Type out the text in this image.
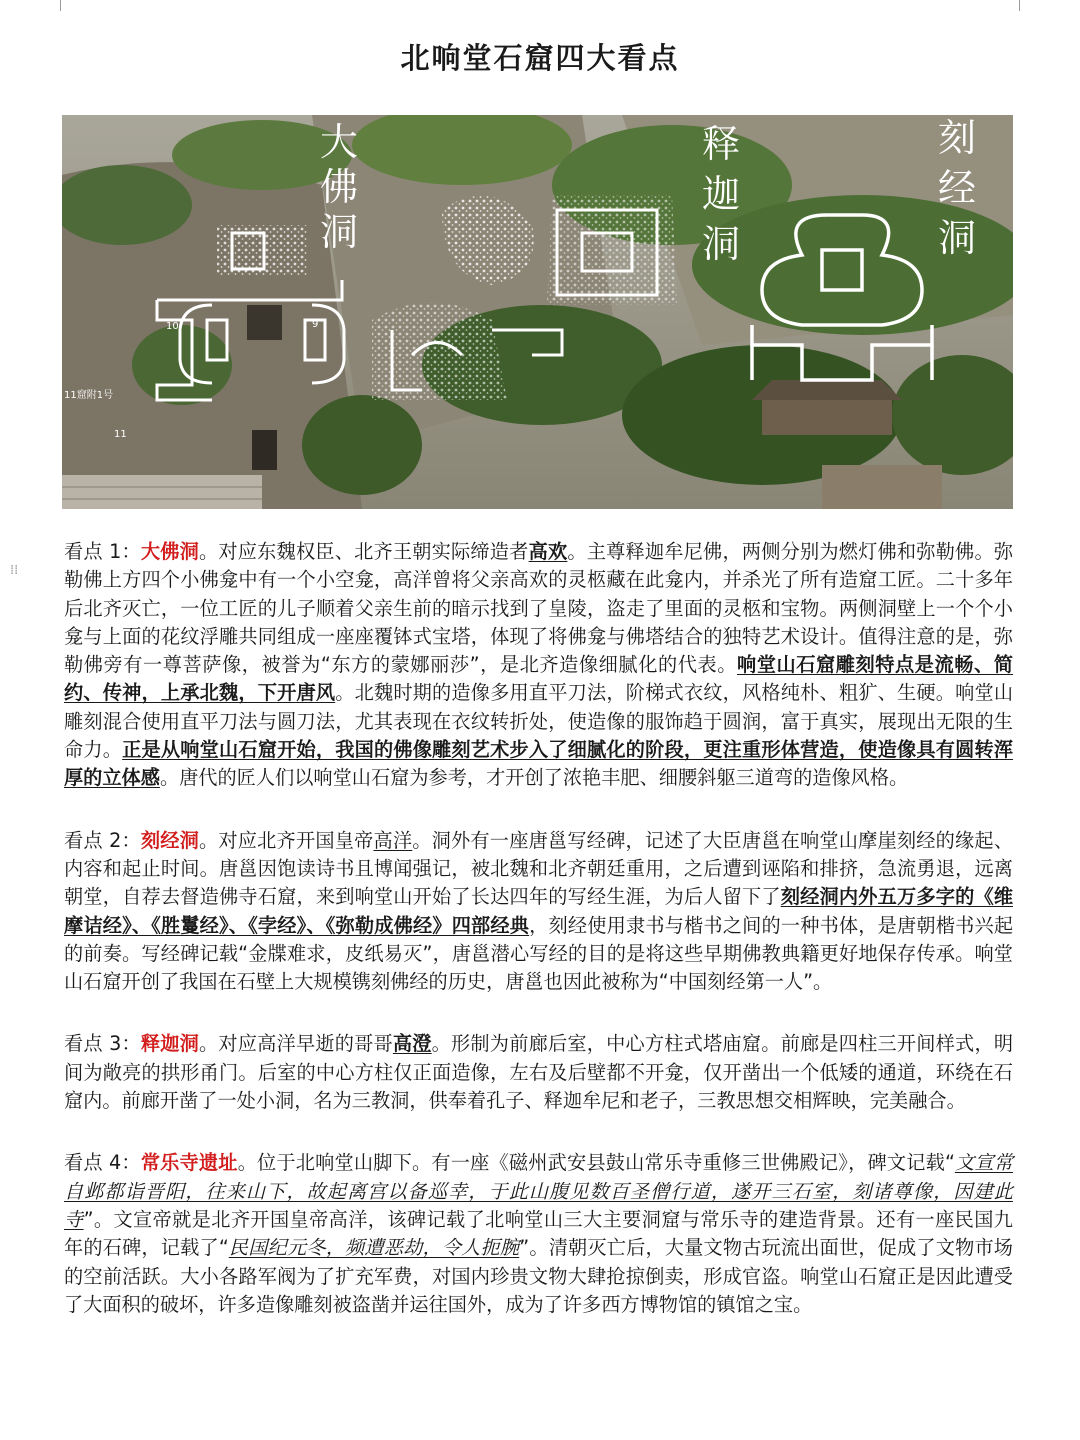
⁞⁞
北响堂石窟四大看点
大
佛
洞
释
迦
洞
刻
经
洞
10	9
11
11窟附1号

看点 1：大佛洞。对应东魏权臣、北齐王朝实际缔造者高欢。主尊释迦牟尼佛，两侧分别为燃灯佛和弥勒佛。弥勒佛上方四个小佛龛中有一个小空龛，高洋曾将父亲高欢的灵柩藏在此龛内，并杀光了所有造窟工匠。二十多年后北齐灭亡，一位工匠的儿子顺着父亲生前的暗示找到了皇陵，盗走了里面的灵柩和宝物。两侧洞壁上一个个小龛与上面的花纹浮雕共同组成一座座覆钵式宝塔，体现了将佛龛与佛塔结合的独特艺术设计。值得注意的是，弥勒佛旁有一尊菩萨像，被誉为“东方的蒙娜丽莎”，是北齐造像细腻化的代表。响堂山石窟雕刻特点是流畅、简约、传神，上承北魏，下开唐风。北魏时期的造像多用直平刀法，阶梯式衣纹，风格纯朴、粗犷、生硬。响堂山雕刻混合使用直平刀法与圆刀法，尤其表现在衣纹转折处，使造像的服饰趋于圆润，富于真实，展现出无限的生命力。正是从响堂山石窟开始，我国的佛像雕刻艺术步入了细腻化的阶段，更注重形体营造，使造像具有圆转浑厚的立体感。唐代的匠人们以响堂山石窟为参考，才开创了浓艳丰肥、细腰斜躯三道弯的造像风格。

看点 2：刻经洞。对应北齐开国皇帝高洋。洞外有一座唐邕写经碑，记述了大臣唐邕在响堂山摩崖刻经的缘起、内容和起止时间。唐邕因饱读诗书且博闻强记，被北魏和北齐朝廷重用，之后遭到诬陷和排挤，急流勇退，远离朝堂，自荐去督造佛寺石窟，来到响堂山开始了长达四年的写经生涯，为后人留下了刻经洞内外五万多字的《维摩诘经》、《胜鬘经》、《孛经》、《弥勒成佛经》四部经典，刻经使用隶书与楷书之间的一种书体，是唐朝楷书兴起的前奏。写经碑记载“金牒难求，皮纸易灭”，唐邕潜心写经的目的是将这些早期佛教典籍更好地保存传承。响堂山石窟开创了我国在石壁上大规模镌刻佛经的历史，唐邕也因此被称为“中国刻经第一人”。

看点 3：释迦洞。对应高洋早逝的哥哥高澄。形制为前廊后室，中心方柱式塔庙窟。前廊是四柱三开间样式，明间为敞亮的拱形甬门。后室的中心方柱仅正面造像，左右及后壁都不开龛，仅开凿出一个低矮的通道，环绕在石窟内。前廊开凿了一处小洞，名为三教洞，供奉着孔子、释迦牟尼和老子，三教思想交相辉映，完美融合。

看点 4：常乐寺遗址。位于北响堂山脚下。有一座《磁州武安县鼓山常乐寺重修三世佛殿记》，碑文记载“文宣常自邺都诣晋阳，往来山下，故起离宫以备巡幸，于此山腹见数百圣僧行道，遂开三石室，刻诸尊像，因建此寺”。文宣帝就是北齐开国皇帝高洋，该碑记载了北响堂山三大主要洞窟与常乐寺的建造背景。还有一座民国九年的石碑，记载了“民国纪元冬，频遭恶劫，令人扼腕”。清朝灭亡后，大量文物古玩流出面世，促成了文物市场的空前活跃。大小各路军阀为了扩充军费，对国内珍贵文物大肆抢掠倒卖，形成官盗。响堂山石窟正是因此遭受了大面积的破坏，许多造像雕刻被盗凿并运往国外，成为了许多西方博物馆的镇馆之宝。
